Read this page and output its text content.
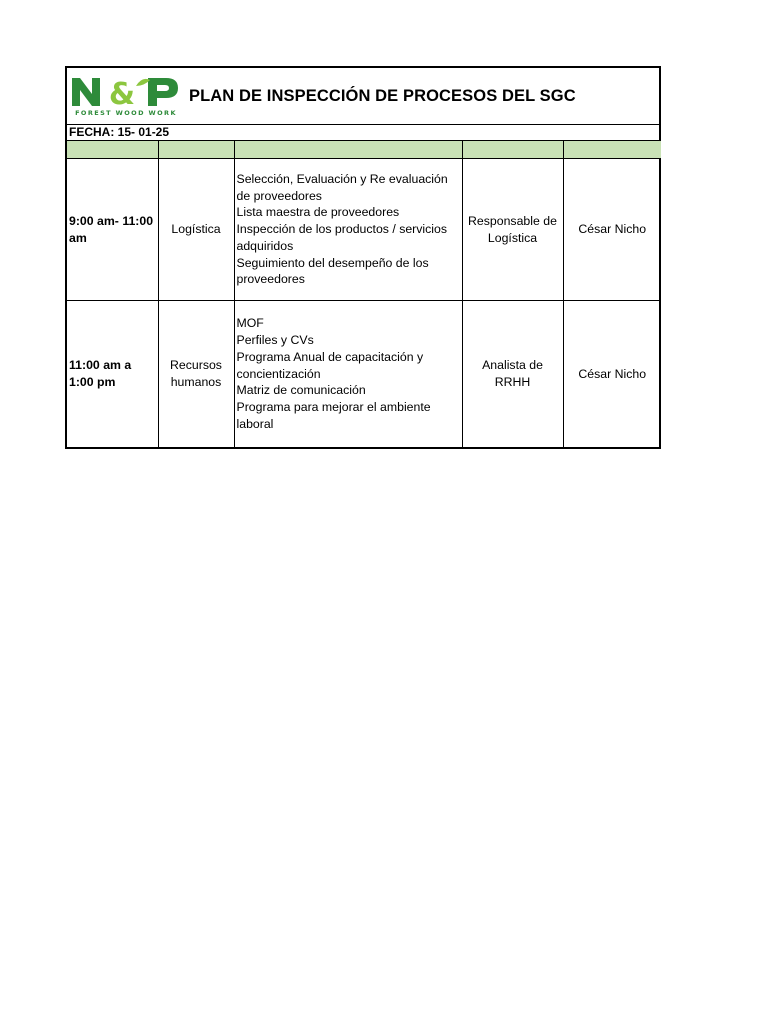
&
FOREST WOOD WORK
PLAN DE INSPECCIÓN DE PROCESOS DEL SGC
FECHA: 15- 01-25

9:00 am- 11:00 am	Logística	Selección, Evaluación y Re evaluación de proveedores
Lista maestra de proveedores
Inspección de los productos / servicios adquiridos
Seguimiento del desempeño de los proveedores	Responsable de Logística	César Nicho
11:00 am a 1:00 pm	Recursos humanos	MOF
Perfiles y CVs
Programa Anual de capacitación y concientización
Matriz de comunicación
Programa para mejorar el ambiente laboral	Analista de RRHH	César Nicho
